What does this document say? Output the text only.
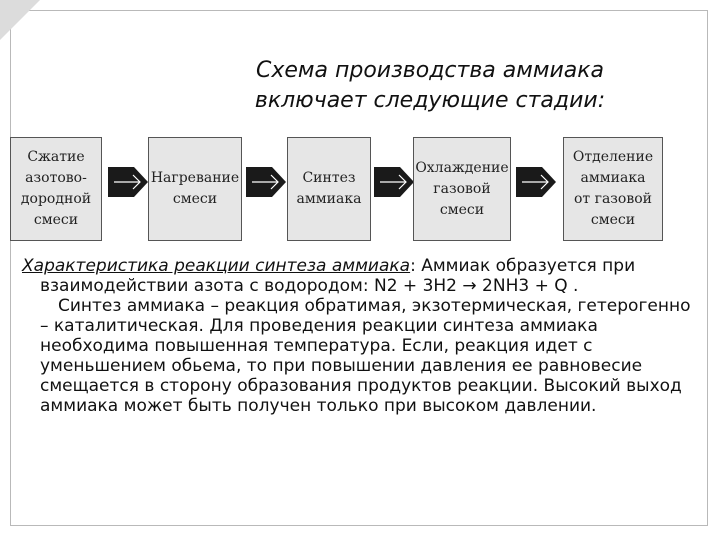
Схема производства аммиака
включает следующие стадии:
Сжатие
азотово-
дородной
смеси
Нагревание
смеси
Синтез
аммиака
Охлаждение
газовой
смеси
Отделение
аммиака
от газовой
смеси

Характеристика реакции синтеза аммиака: Аммиак образуется при взаимодействии азота с водородом: N2 + 3H2 → 2NH3 + Q .

Синтез аммиака – реакция обратимая, экзотермическая, гетерогенно – каталитическая. Для проведения реакции синтеза аммиака необходима повышенная температура. Если, реакция идет с уменьшением обьема, то при повышении давления ее равновесие смещается в сторону образования продуктов реакции. Высокий выход аммиака может быть получен только при высоком давлении.
